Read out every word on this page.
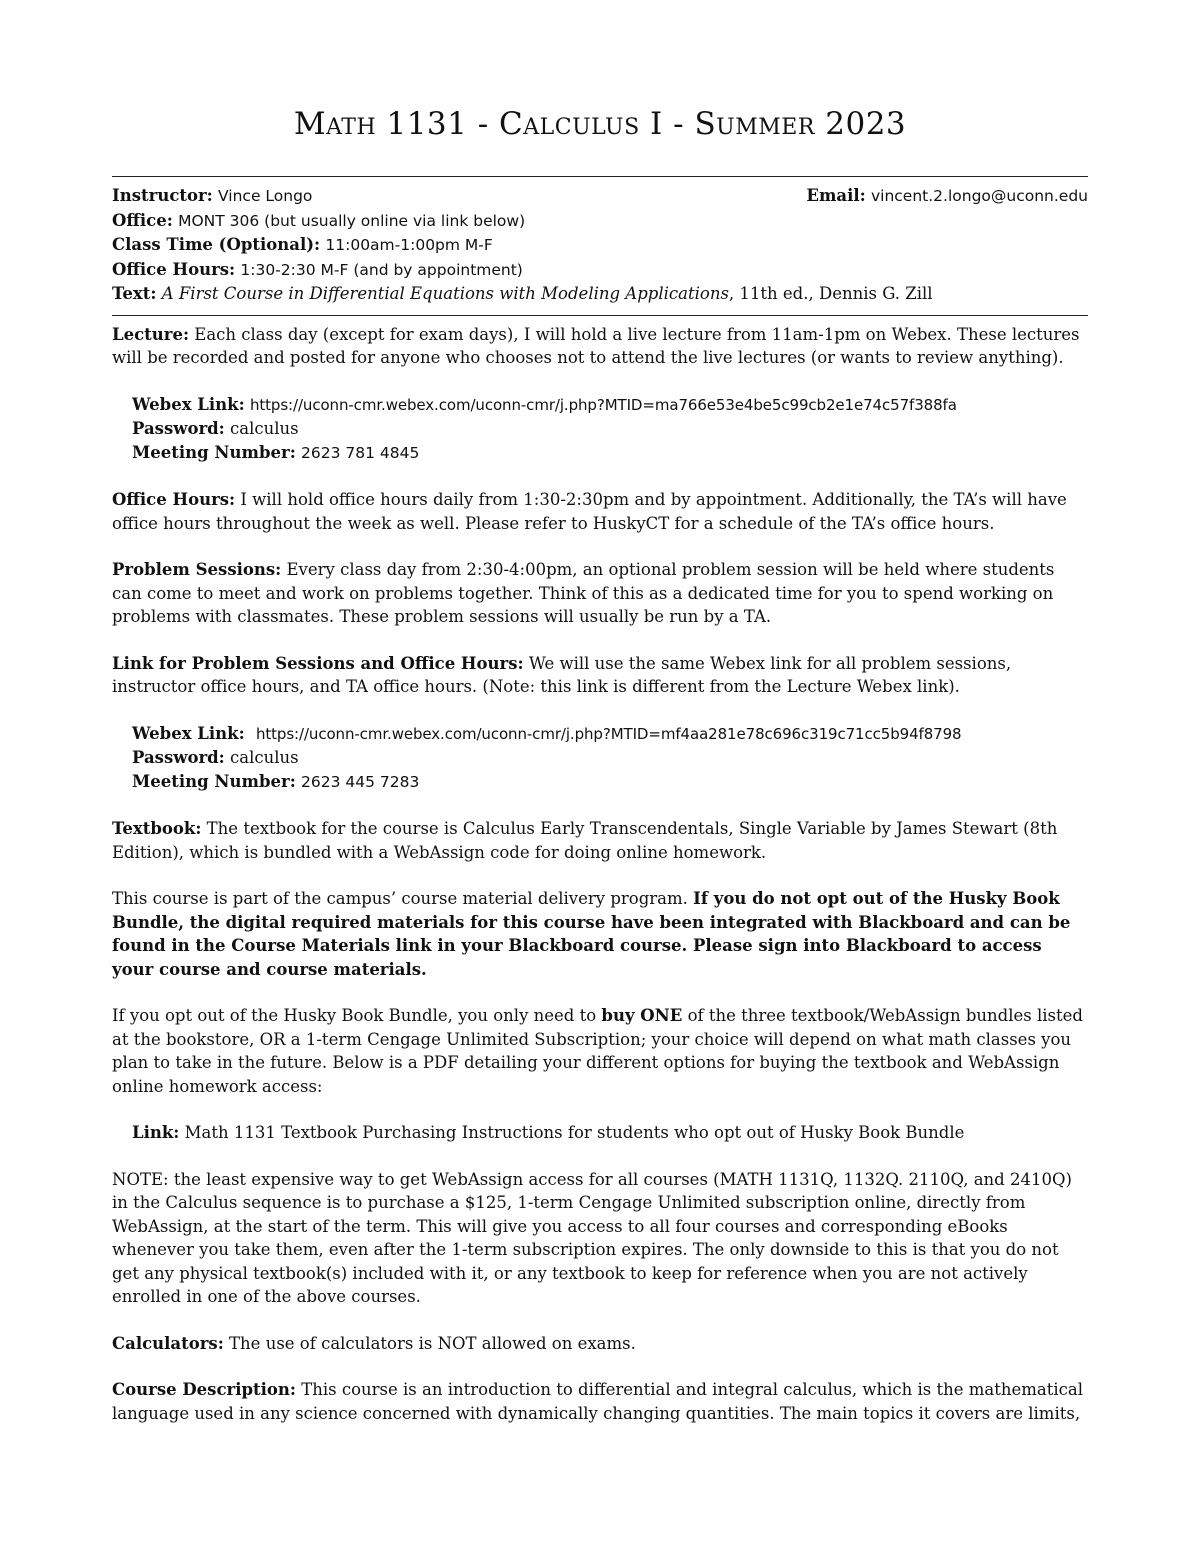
Math 1131 - Calculus I - Summer 2023
Instructor: Vince Longo	Email: vincent.2.longo@uconn.edu
Office: MONT 306 (but usually online via link below)
Class Time (Optional): 11:00am-1:00pm M-F
Office Hours: 1:30-2:30 M-F (and by appointment)
Text: A First Course in Differential Equations with Modeling Applications, 11th ed., Dennis G. Zill

Lecture: Each class day (except for exam days), I will hold a live lecture from 11am-1pm on Webex. These lectures will be recorded and posted for anyone who chooses not to attend the live lectures (or wants to review anything).

Webex Link: https://uconn-cmr.webex.com/uconn-cmr/j.php?MTID=ma766e53e4be5c99cb2e1e74c57f388fa
Password: calculus
Meeting Number: 2623 781 4845

Office Hours: I will hold office hours daily from 1:30-2:30pm and by appointment. Additionally, the TA’s will have office hours throughout the week as well. Please refer to HuskyCT for a schedule of the TA’s office hours.

Problem Sessions: Every class day from 2:30-4:00pm, an optional problem session will be held where students can come to meet and work on problems together. Think of this as a dedicated time for you to spend working on problems with classmates. These problem sessions will usually be run by a TA.

Link for Problem Sessions and Office Hours: We will use the same Webex link for all problem sessions, instructor office hours, and TA office hours. (Note: this link is different from the Lecture Webex link).

Webex Link: https://uconn-cmr.webex.com/uconn-cmr/j.php?MTID=mf4aa281e78c696c319c71cc5b94f8798
Password: calculus
Meeting Number: 2623 445 7283

Textbook: The textbook for the course is Calculus Early Transcendentals, Single Variable by James Stewart (8th Edition), which is bundled with a WebAssign code for doing online homework.

This course is part of the campus’ course material delivery program. If you do not opt out of the Husky Book Bundle, the digital required materials for this course have been integrated with Blackboard and can be found in the Course Materials link in your Blackboard course. Please sign into Blackboard to access your course and course materials.

If you opt out of the Husky Book Bundle, you only need to buy ONE of the three textbook/WebAssign bundles listed at the bookstore, OR a 1-term Cengage Unlimited Subscription; your choice will depend on what math classes you plan to take in the future. Below is a PDF detailing your different options for buying the textbook and WebAssign online homework access:

Link: Math 1131 Textbook Purchasing Instructions for students who opt out of Husky Book Bundle

NOTE: the least expensive way to get WebAssign access for all courses (MATH 1131Q, 1132Q. 2110Q, and 2410Q) in the Calculus sequence is to purchase a $125, 1-term Cengage Unlimited subscription online, directly from WebAssign, at the start of the term. This will give you access to all four courses and corresponding eBooks whenever you take them, even after the 1-term subscription expires. The only downside to this is that you do not get any physical textbook(s) included with it, or any textbook to keep for reference when you are not actively enrolled in one of the above courses.

Calculators: The use of calculators is NOT allowed on exams.

Course Description: This course is an introduction to differential and integral calculus, which is the mathematical language used in any science concerned with dynamically changing quantities. The main topics it covers are limits,
